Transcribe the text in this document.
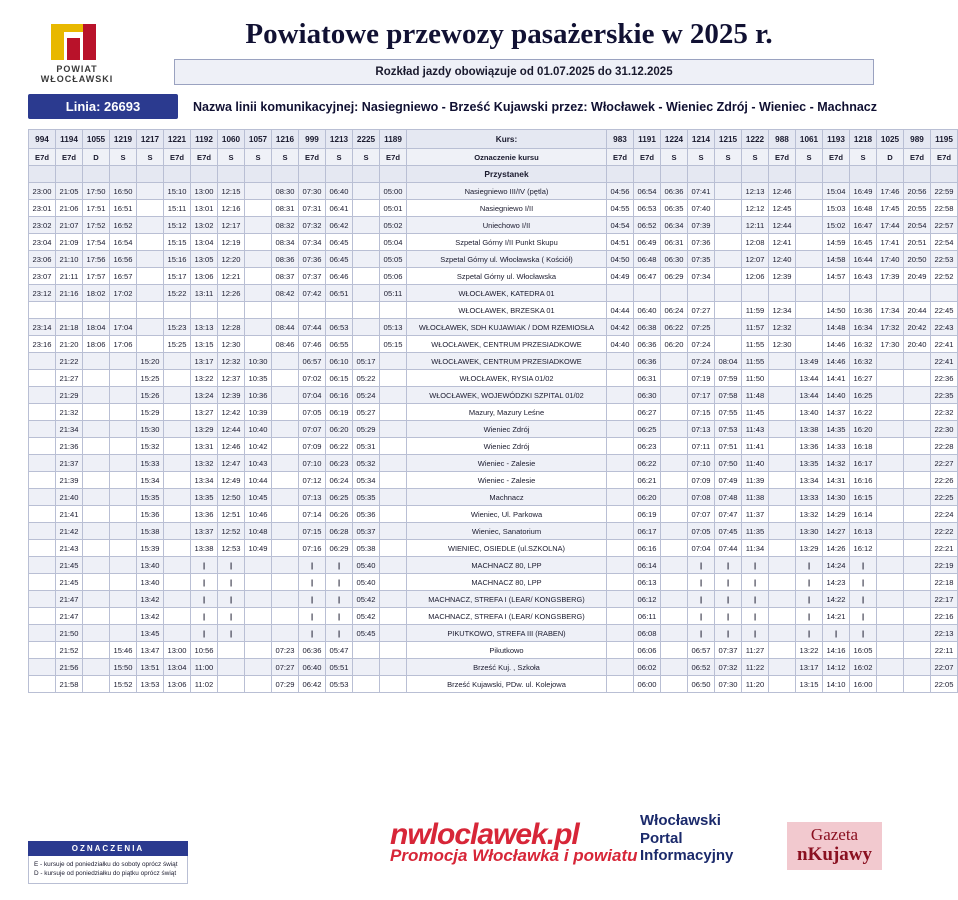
POWIAT
WŁOCŁAWSKI
Powiatowe przewozy pasażerskie w 2025 r.
Rozkład jazdy obowiązuje od 01.07.2025 do 31.12.2025
Linia: 26693	Nazwa linii komunikacyjnej: Nasiegniewo - Brześć Kujawski przez: Włocławek - Wieniec Zdrój - Wieniec - Machnacz
994	1194	1055	1219	1217	1221	1192	1060	1057	1216	999	1213	2225	1189	Kurs:	983	1191	1224	1214	1215	1222	988	1061	1193	1218	1025	989	1195
E7d	E7d	D	S	S	E7d	E7d	S	S	S	E7d	S	S	E7d	Oznaczenie kursu	E7d	E7d	S	S	S	S	E7d	S	E7d	S	D	E7d	E7d
														Przystanek													
23:00	21:05	17:50	16:50		15:10	13:00	12:15		08:30	07:30	06:40		05:00	Nasiegniewo III/IV (pętla)	04:56	06:54	06:36	07:41		12:13	12:46		15:04	16:49	17:46	20:56	22:59
23:01	21:06	17:51	16:51		15:11	13:01	12:16		08:31	07:31	06:41		05:01	Nasiegniewo I/II	04:55	06:53	06:35	07:40		12:12	12:45		15:03	16:48	17:45	20:55	22:58
23:02	21:07	17:52	16:52		15:12	13:02	12:17		08:32	07:32	06:42		05:02	Uniechowo I/II	04:54	06:52	06:34	07:39		12:11	12:44		15:02	16:47	17:44	20:54	22:57
23:04	21:09	17:54	16:54		15:15	13:04	12:19		08:34	07:34	06:45		05:04	Szpetal Górny I/II Punkt Skupu	04:51	06:49	06:31	07:36		12:08	12:41		14:59	16:45	17:41	20:51	22:54
23:06	21:10	17:56	16:56		15:16	13:05	12:20		08:36	07:36	06:45		05:05	Szpetal Górny ul. Włocławska ( Kościół)	04:50	06:48	06:30	07:35		12:07	12:40		14:58	16:44	17:40	20:50	22:53
23:07	21:11	17:57	16:57		15:17	13:06	12:21		08:37	07:37	06:46		05:06	Szpetal Górny ul. Włocławska	04:49	06:47	06:29	07:34		12:06	12:39		14:57	16:43	17:39	20:49	22:52
23:12	21:16	18:02	17:02		15:22	13:11	12:26		08:42	07:42	06:51		05:11	WŁOCŁAWEK, KATEDRA 01													
														WŁOCŁAWEK, BRZESKA 01	04:44	06:40	06:24	07:27		11:59	12:34		14:50	16:36	17:34	20:44	22:45
23:14	21:18	18:04	17:04		15:23	13:13	12:28		08:44	07:44	06:53		05:13	WŁOCŁAWEK, SDH KUJAWIAK / DOM RZEMIOSŁA	04:42	06:38	06:22	07:25		11:57	12:32		14:48	16:34	17:32	20:42	22:43
23:16	21:20	18:06	17:06		15:25	13:15	12:30		08:46	07:46	06:55		05:15	WŁOCŁAWEK, CENTRUM PRZESIADKOWE	04:40	06:36	06:20	07:24		11:55	12:30		14:46	16:32	17:30	20:40	22:41
	21:22			15:20		13:17	12:32	10:30		06:57	06:10	05:17		WŁOCŁAWEK, CENTRUM PRZESIADKOWE		06:36		07:24	08:04	11:55		13:49	14:46	16:32			22:41
	21:27			15:25		13:22	12:37	10:35		07:02	06:15	05:22		WŁOCŁAWEK, RYSIA 01/02		06:31		07:19	07:59	11:50		13:44	14:41	16:27			22:36
	21:29			15:26		13:24	12:39	10:36		07:04	06:16	05:24		WŁOCŁAWEK, WOJEWÓDZKI SZPITAL 01/02		06:30		07:17	07:58	11:48		13:44	14:40	16:25			22:35
	21:32			15:29		13:27	12:42	10:39		07:05	06:19	05:27		Mazury, Mazury Leśne		06:27		07:15	07:55	11:45		13:40	14:37	16:22			22:32
	21:34			15:30		13:29	12:44	10:40		07:07	06:20	05:29		Wieniec Zdrój		06:25		07:13	07:53	11:43		13:38	14:35	16:20			22:30
	21:36			15:32		13:31	12:46	10:42		07:09	06:22	05:31		Wieniec Zdrój		06:23		07:11	07:51	11:41		13:36	14:33	16:18			22:28
	21:37			15:33		13:32	12:47	10:43		07:10	06:23	05:32		Wieniec - Zalesie		06:22		07:10	07:50	11:40		13:35	14:32	16:17			22:27
	21:39			15:34		13:34	12:49	10:44		07:12	06:24	05:34		Wieniec - Zalesie		06:21		07:09	07:49	11:39		13:34	14:31	16:16			22:26
	21:40			15:35		13:35	12:50	10:45		07:13	06:25	05:35		Machnacz		06:20		07:08	07:48	11:38		13:33	14:30	16:15			22:25
	21:41			15:36		13:36	12:51	10:46		07:14	06:26	05:36		Wieniec, Ul. Parkowa		06:19		07:07	07:47	11:37		13:32	14:29	16:14			22:24
	21:42			15:38		13:37	12:52	10:48		07:15	06:28	05:37		Wieniec, Sanatorium		06:17		07:05	07:45	11:35		13:30	14:27	16:13			22:22
	21:43			15:39		13:38	12:53	10:49		07:16	06:29	05:38		WIENIEC, OSIEDLE (ul.SZKOLNA)		06:16		07:04	07:44	11:34		13:29	14:26	16:12			22:21
	21:45			13:40		|	|			|	|	05:40		MACHNACZ 80, LPP		06:14		|	|	|		|	14:24	|			22:19
	21:45			13:40		|	|			|	|	05:40		MACHNACZ 80, LPP		06:13		|	|	|		|	14:23	|			22:18
	21:47			13:42		|	|			|	|	05:42		MACHNACZ, STREFA I (LEAR/ KONGSBERG)		06:12		|	|	|		|	14:22	|			22:17
	21:47			13:42		|	|			|	|	05:42		MACHNACZ, STREFA I (LEAR/ KONGSBERG)		06:11		|	|	|		|	14:21	|			22:16
	21:50			13:45		|	|			|	|	05:45		PIKUTKOWO, STREFA III (RABEN)		06:08		|	|	|		|	|	|			22:13
	21:52		15:46	13:47	13:00	10:56			07:23	06:36	05:47			Pikutkowo		06:06		06:57	07:37	11:27		13:22	14:16	16:05			22:11
	21:56		15:50	13:51	13:04	11:00			07:27	06:40	05:51			Brześć Kuj. , Szkoła		06:02		06:52	07:32	11:22		13:17	14:12	16:02			22:07
	21:58		15:52	13:53	13:06	11:02			07:29	06:42	05:53			Brześć Kujawski, PDw. ul. Kolejowa		06:00		06:50	07:30	11:20		13:15	14:10	16:00			22:05
OZNACZENIA
E - kursuje od poniedziałku do soboty oprócz świąt
D - kursuje od poniedziałku do piątku oprócz świąt
nwloclawek.pl
Promocja Włocławka i powiatu
Włocławski
Portal
Informacyjny
Gazeta
nKujawy
